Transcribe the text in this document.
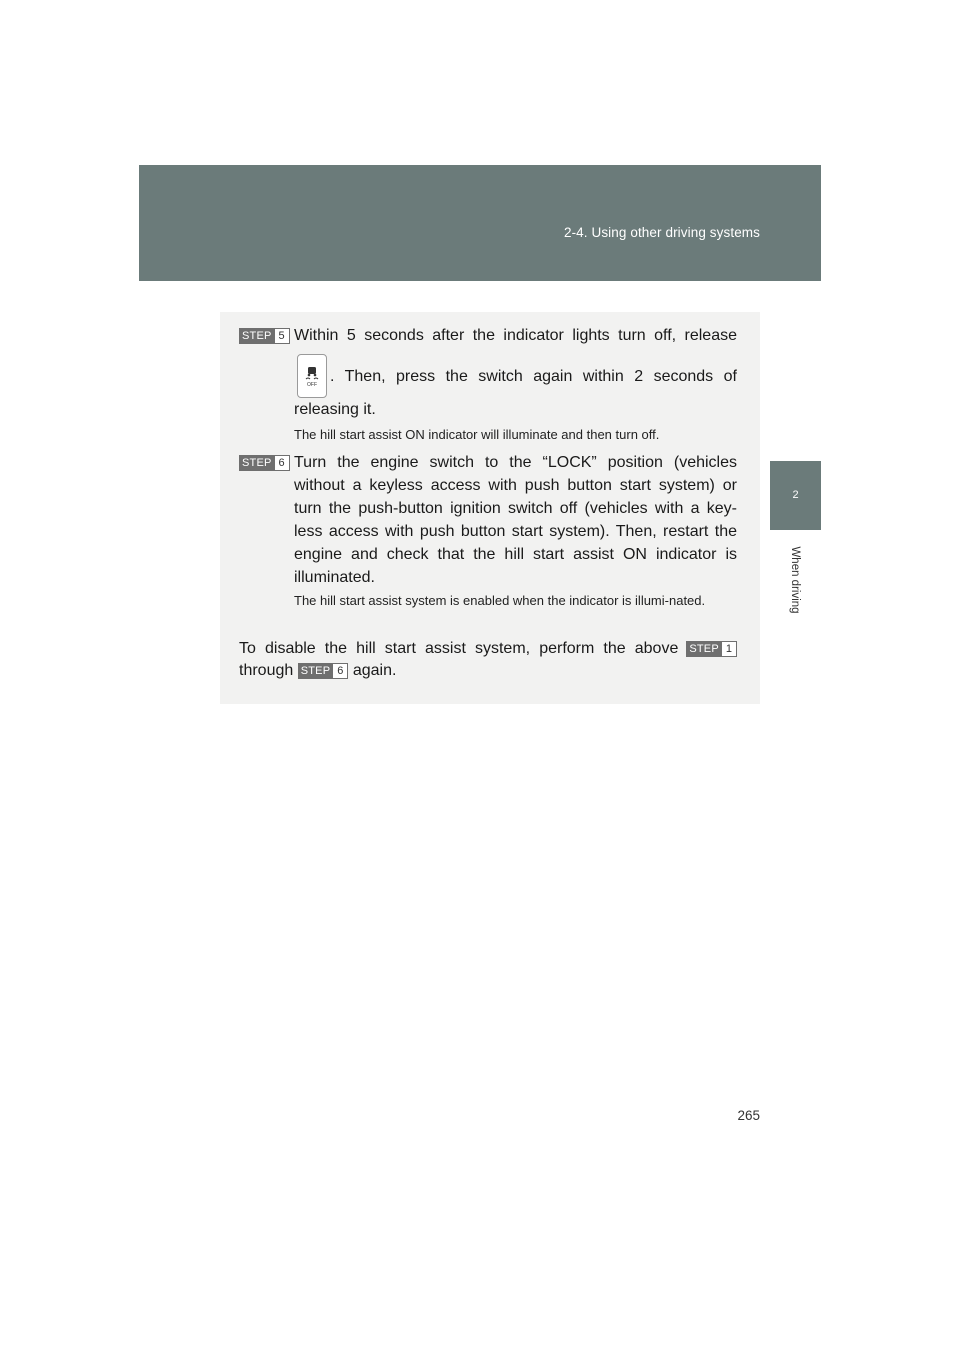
2-4. Using other driving systems
2
When driving
STEP 5 Within 5 seconds after the indicator lights turn off, release
OFF . Then, press the switch again within 2 seconds of
releasing it.
The hill start assist ON indicator will illuminate and then turn off.
STEP 6 Turn the engine switch to the “LOCK” position (vehicles without a keyless access with push button start system) or turn the push-button ignition switch off (vehicles with a key-less access with push button start system). Then, restart the engine and check that the hill start assist ON indicator is illuminated.
The hill start assist system is enabled when the indicator is illumi-nated.
To disable the hill start assist system, perform the above	STEP 1
through STEP 6 again.
265
